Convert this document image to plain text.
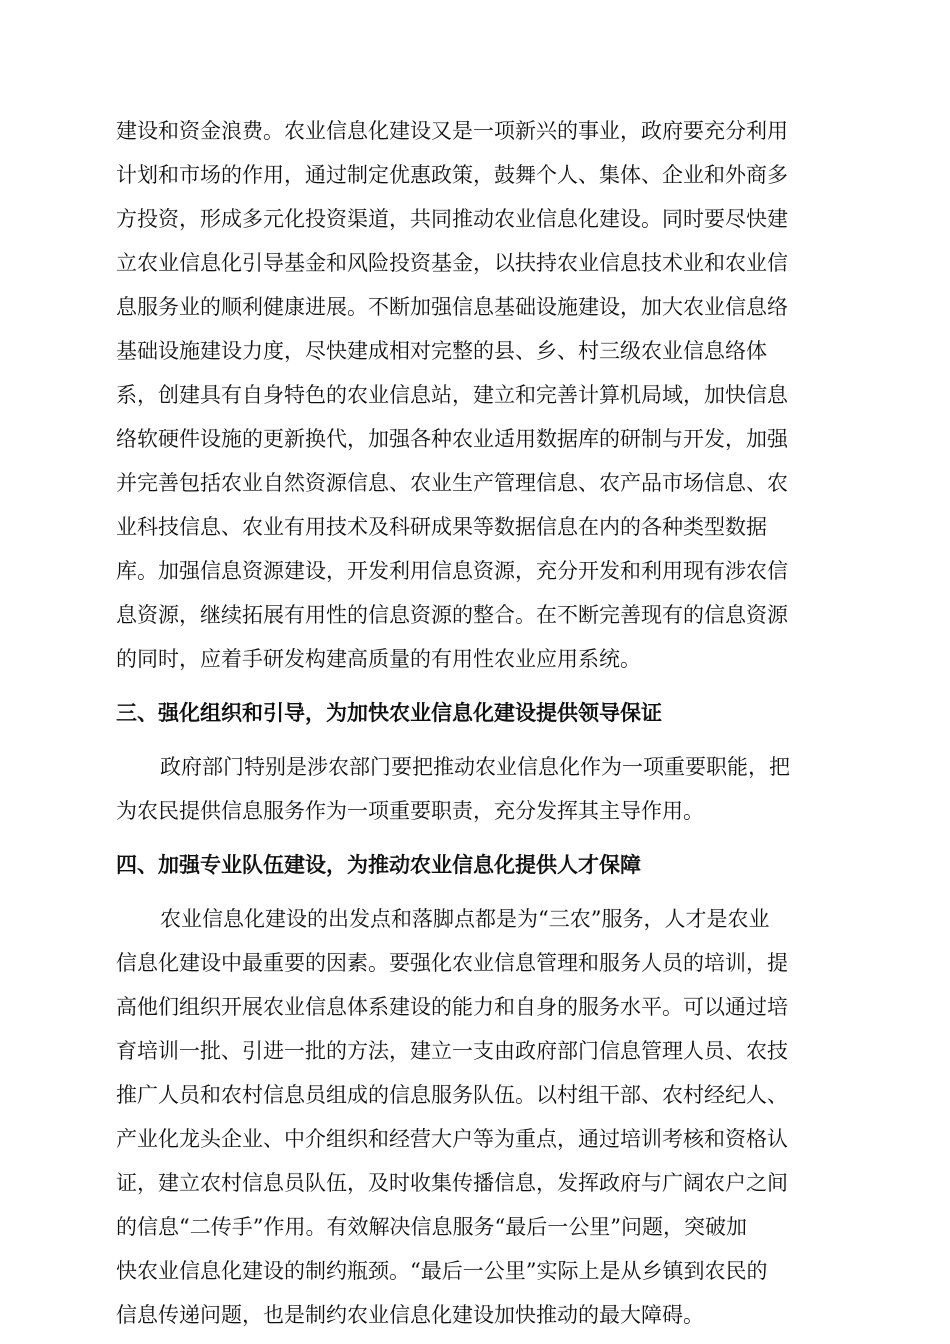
建设和资金浪费。农业信息化建设又是一项新兴的事业，政府要充分利用
计划和市场的作用，通过制定优惠政策，鼓舞个人、集体、企业和外商多
方投资，形成多元化投资渠道，共同推动农业信息化建设。同时要尽快建
立农业信息化引导基金和风险投资基金，以扶持农业信息技术业和农业信
息服务业的顺利健康进展。不断加强信息基础设施建设，加大农业信息络
基础设施建设力度，尽快建成相对完整的县、乡、村三级农业信息络体
系，创建具有自身特色的农业信息站，建立和完善计算机局域，加快信息
络软硬件设施的更新换代，加强各种农业适用数据库的研制与开发，加强
并完善包括农业自然资源信息、农业生产管理信息、农产品市场信息、农
业科技信息、农业有用技术及科研成果等数据信息在内的各种类型数据
库。加强信息资源建设，开发利用信息资源，充分开发和利用现有涉农信
息资源，继续拓展有用性的信息资源的整合。在不断完善现有的信息资源
的同时，应着手研发构建高质量的有用性农业应用系统。
三、强化组织和引导，为加快农业信息化建设提供领导保证
政府部门特别是涉农部门要把推动农业信息化作为一项重要职能，把
为农民提供信息服务作为一项重要职责，充分发挥其主导作用。
四、加强专业队伍建设，为推动农业信息化提供人才保障
农业信息化建设的出发点和落脚点都是为“三农”服务，人才是农业
信息化建设中最重要的因素。要强化农业信息管理和服务人员的培训，提
高他们组织开展农业信息体系建设的能力和自身的服务水平。可以通过培
育培训一批、引进一批的方法，建立一支由政府部门信息管理人员、农技
推广人员和农村信息员组成的信息服务队伍。以村组干部、农村经纪人、
产业化龙头企业、中介组织和经营大户等为重点，通过培训考核和资格认
证，建立农村信息员队伍，及时收集传播信息，发挥政府与广阔农户之间
的信息“二传手”作用。有效解决信息服务“最后一公里”问题，突破加
快农业信息化建设的制约瓶颈。“最后一公里”实际上是从乡镇到农民的
信息传递问题，也是制约农业信息化建设加快推动的最大障碍。
